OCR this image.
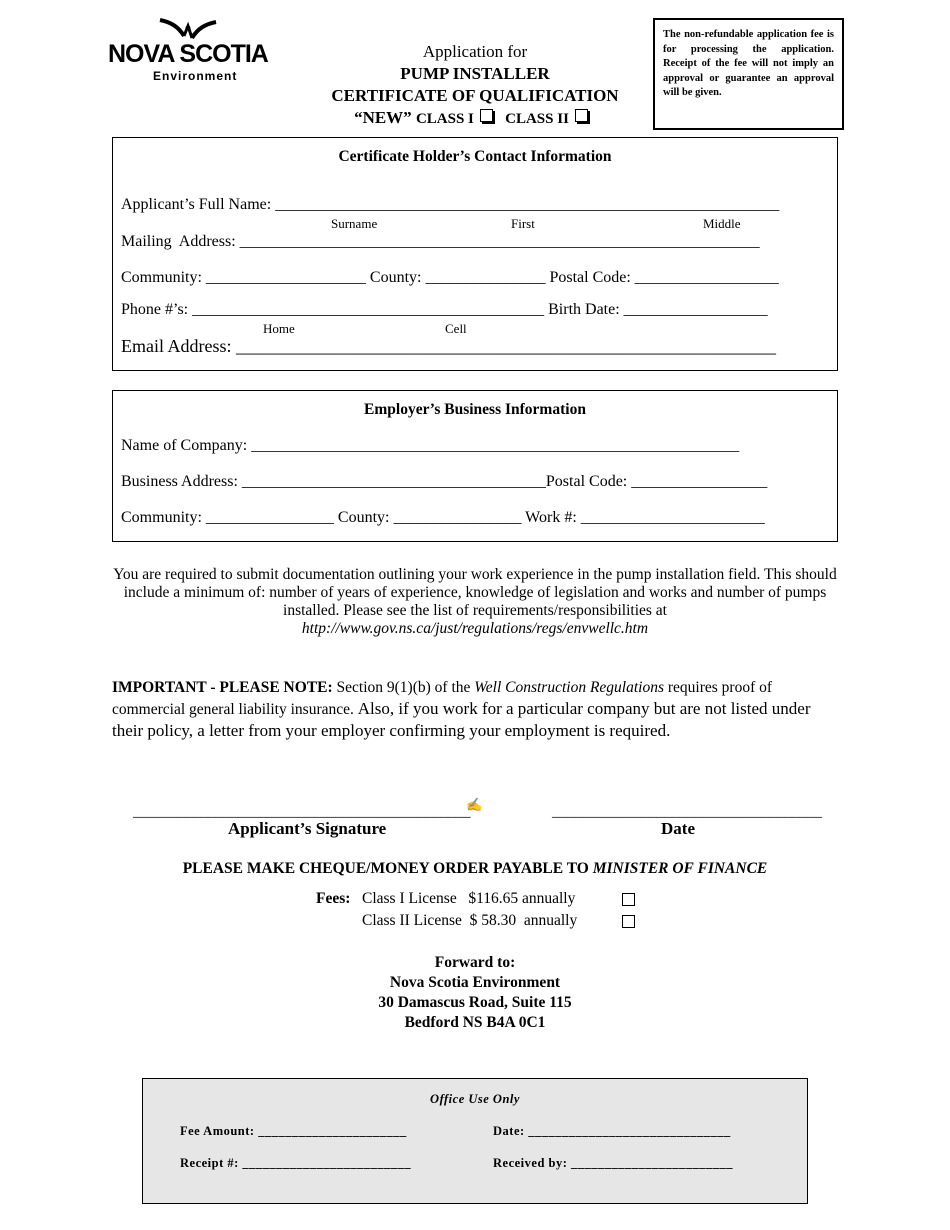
NOVA SCOTIA
Environment
Application for
PUMP INSTALLER
CERTIFICATE OF QUALIFICATION
“NEW” CLASS I CLASS II
The non-refundable application fee is for processing the application. Receipt of the fee will not imply an approval or guarantee an approval will be given.
Certificate Holder’s Contact Information
Applicant’s Full Name: _______________________________________________________________
Surname	First	Middle
Mailing  Address: _________________________________________________________________
Community: ____________________ County: _______________ Postal Code: __________________
Phone #’s: ____________________________________________ Birth Date: __________________
Home	Cell
Email Address: ____________________________________________________________
Employer’s Business Information
Name of Company: _____________________________________________________________
Business Address: ______________________________________Postal Code: _________________
Community: ________________ County: ________________ Work #: _______________________
You are required to submit documentation outlining your work experience in the pump installation field. This should include a minimum of: number of years of experience, knowledge of legislation and works and number of pumps installed. Please see the list of requirements/responsibilities at
http://www.gov.ns.ca/just/regulations/regs/envwellc.htm
IMPORTANT - PLEASE NOTE: Section 9(1)(b) of the Well Construction Regulations requires proof of commercial general liability insurance. Also, if you work for a particular company but are not listed under their policy, a letter from your employer confirming your employment is required.
_____________________________________________
✍
Applicant’s Signature
____________________________________
Date
PLEASE MAKE CHEQUE/MONEY ORDER PAYABLE TO MINISTER OF FINANCE
Fees: Class I License   $116.65 annually
Class II License  $ 58.30  annually
Forward to:
Nova Scotia Environment
30 Damascus Road, Suite 115
Bedford NS B4A 0C1
Office Use Only
Fee Amount: ______________________	Date: ______________________________
Receipt #: _________________________	Received by: ________________________
